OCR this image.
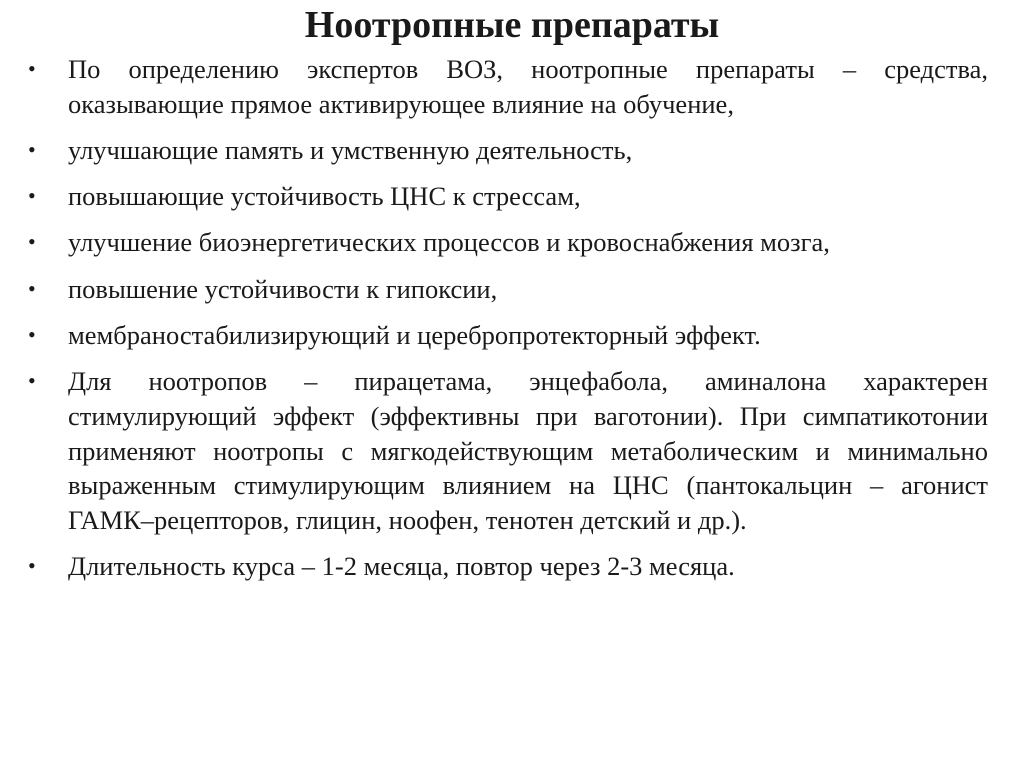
Ноотропные препараты
• По определению экспертов ВОЗ, ноотропные препараты – средства, оказывающие прямое активирующее влияние на обучение,
• улучшающие память и умственную деятельность,
• повышающие устойчивость ЦНС к стрессам,
• улучшение биоэнергетических процессов и кровоснабжения мозга,
• повышение устойчивости к гипоксии,
• мембраностабилизирующий и церебропротекторный эффект.
• Для ноотропов – пирацетама, энцефабола, аминалона характерен стимулирующий эффект (эффективны при ваготонии). При симпатикотонии применяют ноотропы с мягкодействующим метаболическим и минимально выраженным стимулирующим влиянием на ЦНС (пантокальцин – агонист ГАМК–рецепторов, глицин, ноофен, тенотен детский и др.).
• Длительность курса – 1-2 месяца, повтор через 2-3 месяца.
